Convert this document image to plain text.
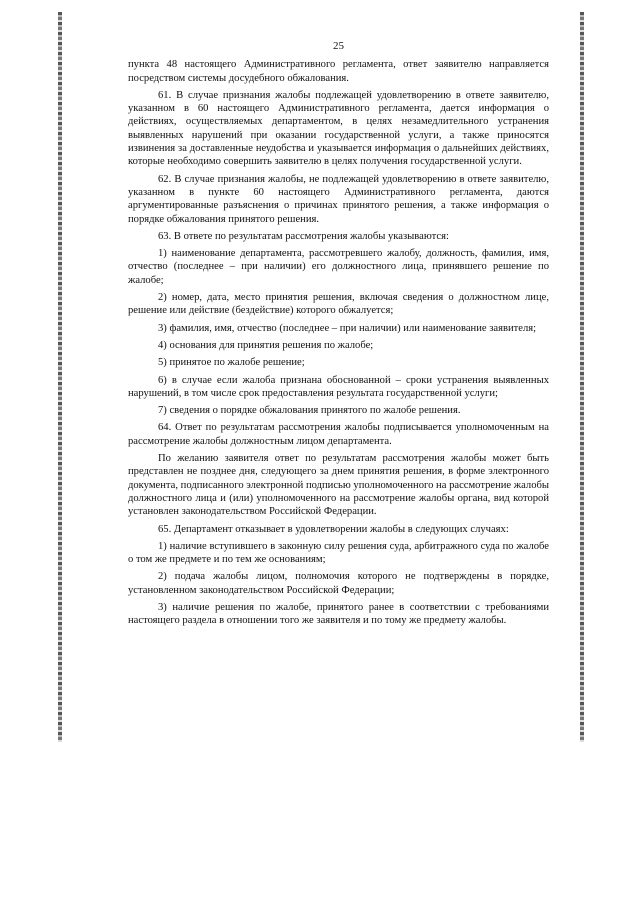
25

пункта 48 настоящего Административного регламента, ответ заявителю направляется посредством системы досудебного обжалования.

61. В случае признания жалобы подлежащей удовлетворению в ответе заявителю, указанном в 60 настоящего Административного регламента, дается информация о действиях, осуществляемых департаментом, в целях незамедлительного устранения выявленных нарушений при оказании государственной услуги, а также приносятся извинения за доставленные неудобства и указывается информация о дальнейших действиях, которые необходимо совершить заявителю в целях получения государственной услуги.

62. В случае признания жалобы, не подлежащей удовлетворению в ответе заявителю, указанном в пункте 60 настоящего Административного регламента, даются аргументированные разъяснения о причинах принятого решения, а также информация о порядке обжалования принятого решения.

63. В ответе по результатам рассмотрения жалобы указываются:

1) наименование департамента, рассмотревшего жалобу, должность, фамилия, имя, отчество (последнее – при наличии) его должностного лица, принявшего решение по жалобе;

2) номер, дата, место принятия решения, включая сведения о должностном лице, решение или действие (бездействие) которого обжалуется;

3) фамилия, имя, отчество (последнее – при наличии) или наименование заявителя;

4) основания для принятия решения по жалобе;

5) принятое по жалобе решение;

6) в случае если жалоба признана обоснованной – сроки устранения выявленных нарушений, в том числе срок предоставления результата государственной услуги;

7) сведения о порядке обжалования принятого по жалобе решения.

64. Ответ по результатам рассмотрения жалобы подписывается уполномоченным на рассмотрение жалобы должностным лицом департамента.

По желанию заявителя ответ по результатам рассмотрения жалобы может быть представлен не позднее дня, следующего за днем принятия решения, в форме электронного документа, подписанного электронной подписью уполномоченного на рассмотрение жалобы должностного лица и (или) уполномоченного на рассмотрение жалобы органа, вид которой установлен законодательством Российской Федерации.

65. Департамент отказывает в удовлетворении жалобы в следующих случаях:

1) наличие вступившего в законную силу решения суда, арбитражного суда по жалобе о том же предмете и по тем же основаниям;

2) подача жалобы лицом, полномочия которого не подтверждены в порядке, установленном законодательством Российской Федерации;

3) наличие решения по жалобе, принятого ранее в соответствии с требованиями настоящего раздела в отношении того же заявителя и по тому же предмету жалобы.
